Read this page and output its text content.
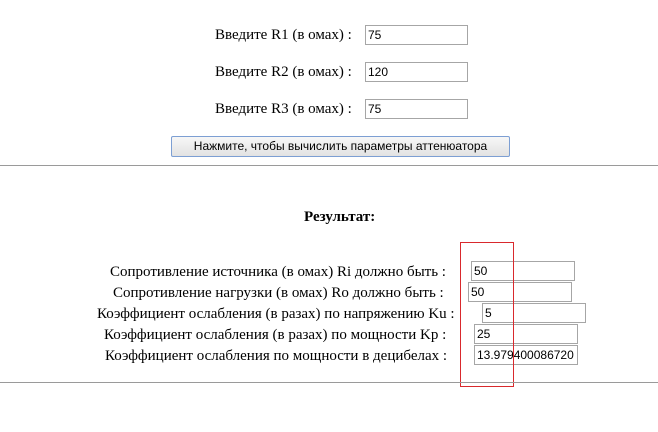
Введите R1 (в омах) : 75
Введите R2 (в омах) : 120
Введите R3 (в омах) : 75
Нажмите, чтобы вычислить параметры аттенюатора
Результат:
Сопротивление источника (в омах) Ri должно быть : 50
Сопротивление нагрузки (в омах) Ro должно быть : 50
Коэффициент ослабления (в разах) по напряжению Ku :	5
Коэффициент ослабления (в разах) по мощности Kp :	25
Коэффициент ослабления по мощности в децибелах : 13.979400086720
